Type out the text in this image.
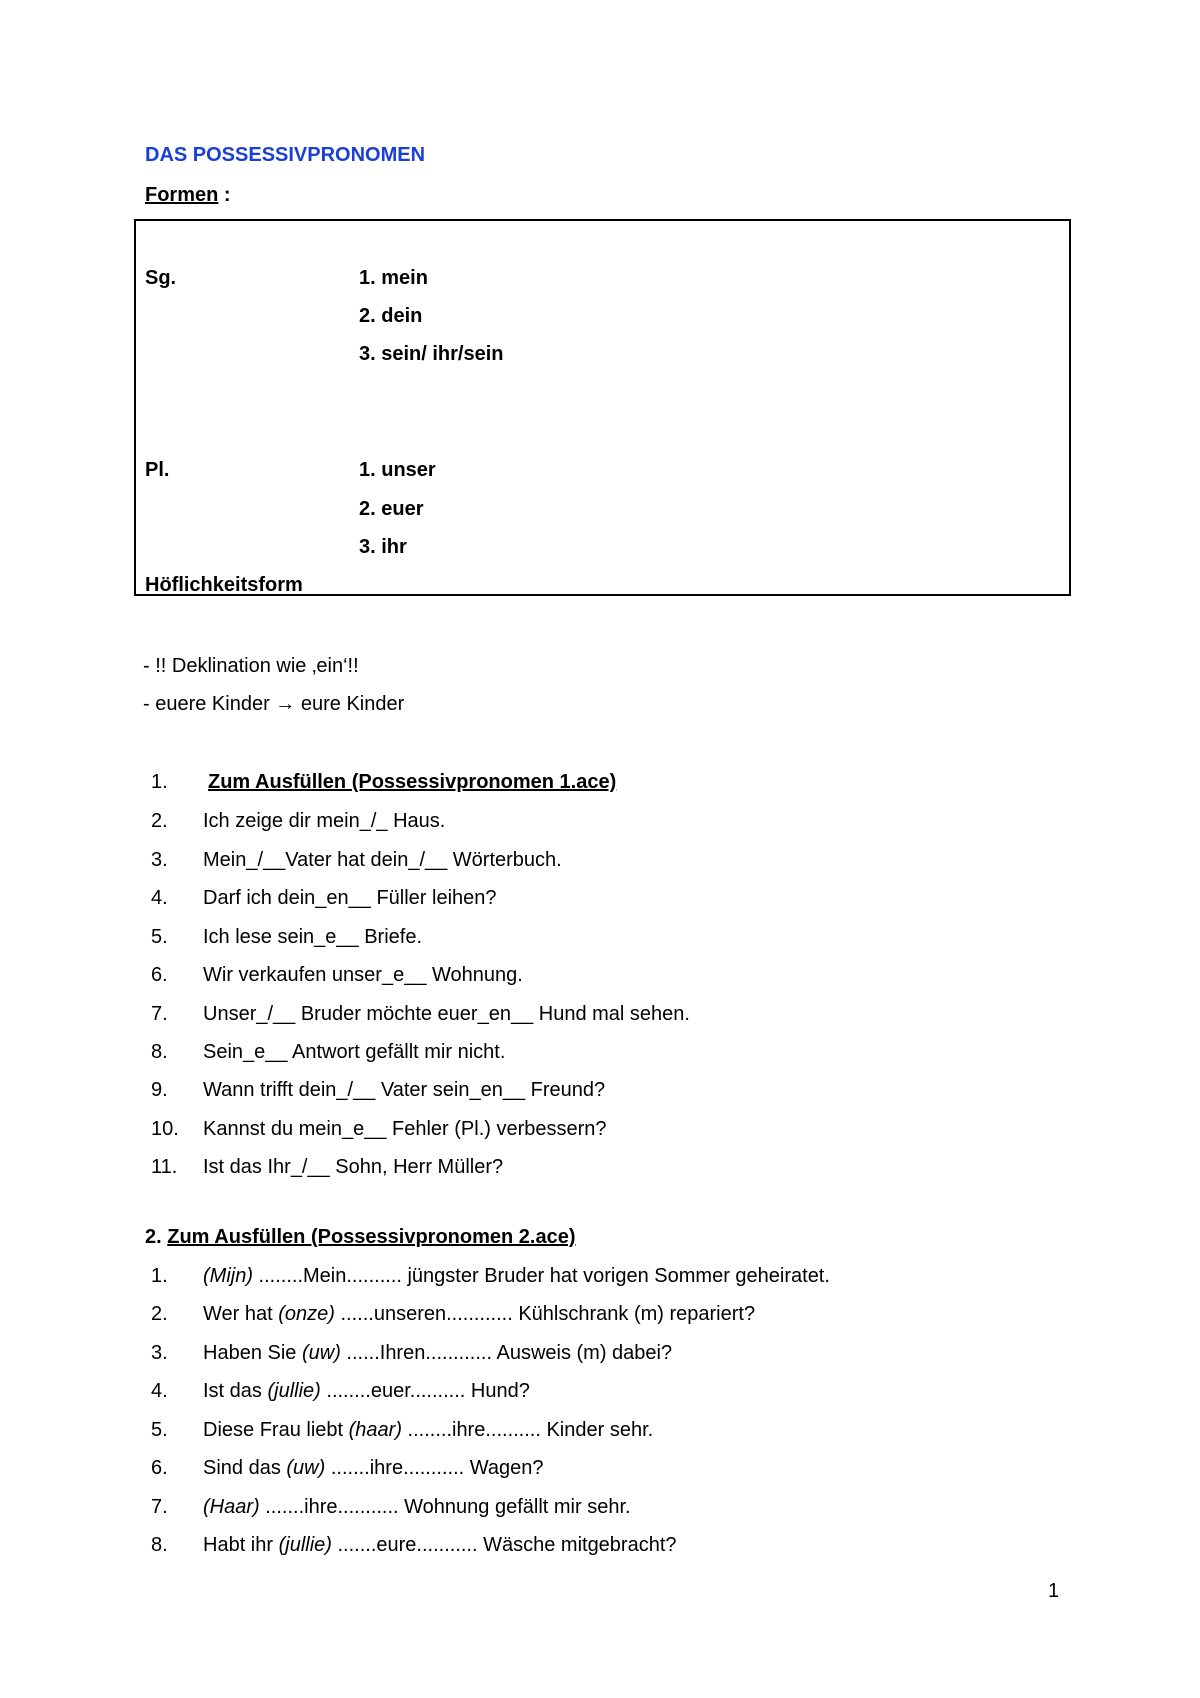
DAS POSSESSIVPRONOMEN
Formen :
Sg.	1. mein
2. dein
3. sein/ ihr/sein
Pl.	1. unser
2. euer
3. ihr
Höflichkeitsform
- !! Deklination wie ‚ein‘!!
- euere Kinder → eure Kinder
1.	Zum Ausfüllen (Possessivpronomen 1.ace)
2.	Ich zeige dir mein_/_ Haus.
3.	Mein_/__Vater hat dein_/__ Wörterbuch.
4.	Darf ich dein_en__ Füller leihen?
5.	Ich lese sein_e__ Briefe.
6.	Wir verkaufen unser_e__ Wohnung.
7.	Unser_/__ Bruder möchte euer_en__ Hund mal sehen.
8.	Sein_e__ Antwort gefällt mir nicht.
9.	Wann trifft dein_/__ Vater sein_en__ Freund?
10.	Kannst du mein_e__ Fehler (Pl.) verbessern?
11.	Ist das Ihr_/__ Sohn, Herr Müller?
2. Zum Ausfüllen (Possessivpronomen 2.ace)
1.	(Mijn) ........Mein.......... jüngster Bruder hat vorigen Sommer geheiratet.
2.	Wer hat (onze) ......unseren............ Kühlschrank (m) repariert?
3.	Haben Sie (uw) ......Ihren............ Ausweis (m) dabei?
4.	Ist das (jullie) ........euer.......... Hund?
5.	Diese Frau liebt (haar) ........ihre.......... Kinder sehr.
6.	Sind das (uw) .......ihre........... Wagen?
7.	(Haar) .......ihre........... Wohnung gefällt mir sehr.
8.	Habt ihr (jullie) .......eure........... Wäsche mitgebracht?
1
